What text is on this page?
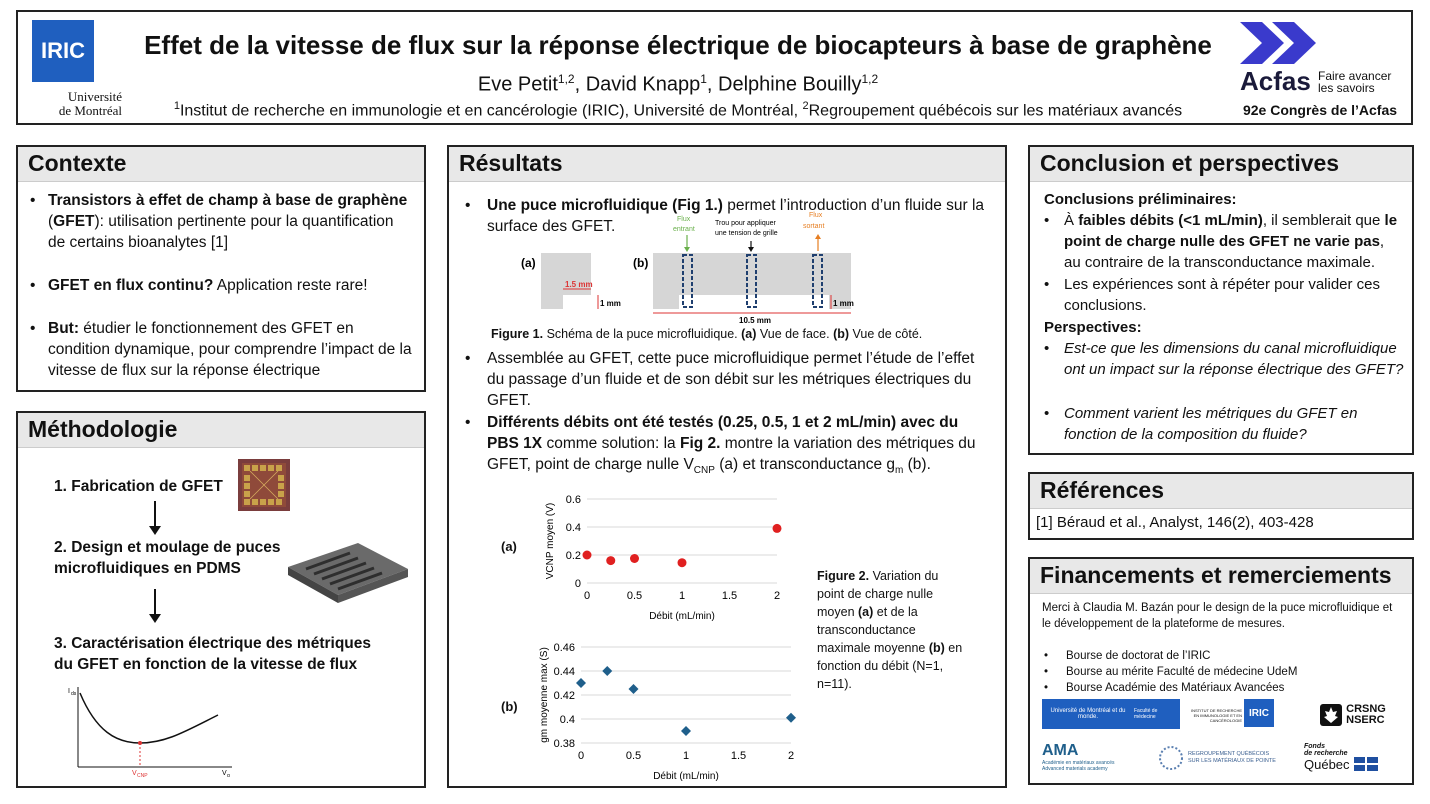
IRIC
Université
de Montréal
Effet de la vitesse de flux sur la réponse électrique de biocapteurs à base de graphène
Eve Petit$^{1,2}$, David Knapp$^1$, Delphine Bouilly$^{1,2}$
$^1$Institut de recherche en immunologie et en cancérologie (IRIC), Université de Montréal, $^2$Regroupement québécois sur les matériaux avancés
Acfas Faire avancer
les savoirs
92e Congrès de l’Acfas
Contexte
• Transistors à effet de champ à base de graphène (GFET): utilisation pertinente pour la quantification de certains bioanalytes [1]
• GFET en flux continu? Application reste rare!
• But: étudier le fonctionnement des GFET en condition dynamique, pour comprendre l’impact de la vitesse de flux sur la réponse électrique
Méthodologie
1. Fabrication de GFET
2. Design et moulage de puces
microfluidiques en PDMS
3. Caractérisation électrique des métriques
du GFET en fonction de la vitesse de flux
I ds
V g
V CNP
Résultats
•	Une puce microfluidique (Fig 1.) permet l’introduction d’un fluide sur la surface des GFET.
(a)
1.5 mm
1 mm
(b)
Flux
entrant
Trou pour appliquer
une tension de grille
Flux
sortant
1 mm
10.5 mm
Figure 1. Schéma de la puce microfluidique. (a) Vue de face. (b) Vue de côté.
•	Assemblée au GFET, cette puce microfluidique permet l’étude de l’effet du passage d’un fluide et de son débit sur les métriques électriques du GFET.
•	Différents débits ont été testés (0.25, 0.5, 1 et 2 mL/min) avec du PBS 1X comme solution: la Fig 2. montre la variation des métriques du GFET, point de charge nulle $V_{CNP}$ (a) et transconductance $g_m$ (b).
(a)
0
0.2
0.4
0.6
0	0.5	1	1.5	2
Débit (mL/min)
VCNP moyen (V)
(b)
0.38
0.4
0.42
0.44
0.46
0	0.5	1	1.5	2
Débit (mL/min)
gm moyenne max (S)
Figure 2. Variation du point de charge nulle moyen (a) et de la transconductance maximale moyenne (b) en fonction du débit (N=1, n=11).
Conclusion et perspectives
Conclusions préliminaires:
• À faibles débits (<1 mL/min), il semblerait que le point de charge nulle des GFET ne varie pas, au contraire de la transconductance maximale.
• Les expériences sont à répéter pour valider ces conclusions.
Perspectives:
• Est-ce que les dimensions du canal microfluidique ont un impact sur la réponse électrique des GFET?
• Comment varient les métriques du GFET en fonction de la composition du fluide?
Références
[1] Béraud et al., Analyst, 146(2), 403-428
Financements et remerciements
Merci à Claudia M. Bazán pour le design de la puce microfluidique et le développement de la plateforme de mesures.
• Bourse de doctorat de l’IRIC
• Bourse au mérite Faculté de médecine UdeM
• Bourse Académie des Matériaux Avancées
Université de Montréal et du monde.
Faculté de médecine
INSTITUT DE RECHERCHE EN IMMUNOLOGIE ET EN CANCÉROLOGIE
IRIC	CRSNG
NSERC
AMA
Académie en matériaux avancés
Advanced materials academy
REGROUPEMENT QUÉBÉCOIS
SUR LES MATÉRIAUX DE POINTE
Fonds
de recherche
Québec
